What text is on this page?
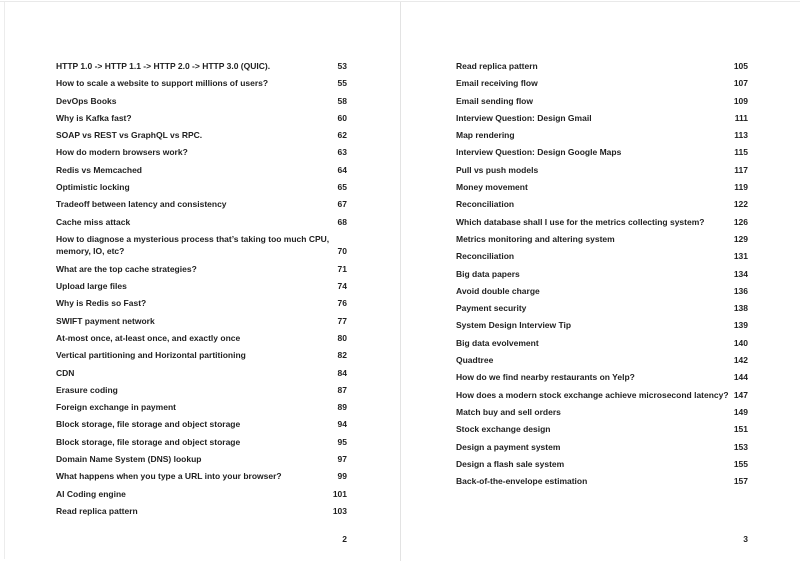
HTTP 1.0 -> HTTP 1.1 -> HTTP 2.0 -> HTTP 3.0 (QUIC).	53
How to scale a website to support millions of users?	55
DevOps Books	58
Why is Kafka fast?	60
SOAP vs REST vs GraphQL vs RPC.	62
How do modern browsers work?	63
Redis vs Memcached	64
Optimistic locking	65
Tradeoff between latency and consistency	67
Cache miss attack	68
How to diagnose a mysterious process that’s taking too much CPU, memory, IO, etc?	70
What are the top cache strategies?	71
Upload large files	74
Why is Redis so Fast?	76
SWIFT payment network	77
At-most once, at-least once, and exactly once	80
Vertical partitioning and Horizontal partitioning	82
CDN	84
Erasure coding	87
Foreign exchange in payment	89
Block storage, file storage and object storage	94
Block storage, file storage and object storage	95
Domain Name System (DNS) lookup	97
What happens when you type a URL into your browser?	99
AI Coding engine	101
Read replica pattern	103
2
Read replica pattern	105
Email receiving flow	107
Email sending flow	109
Interview Question: Design Gmail	111
Map rendering	113
Interview Question: Design Google Maps	115
Pull vs push models	117
Money movement	119
Reconciliation	122
Which database shall I use for the metrics collecting system?	126
Metrics monitoring and altering system	129
Reconciliation	131
Big data papers	134
Avoid double charge	136
Payment security	138
System Design Interview Tip	139
Big data evolvement	140
Quadtree	142
How do we find nearby restaurants on Yelp?	144
How does a modern stock exchange achieve microsecond latency? 147
Match buy and sell orders	149
Stock exchange design	151
Design a payment system	153
Design a flash sale system	155
Back-of-the-envelope estimation	157
3
